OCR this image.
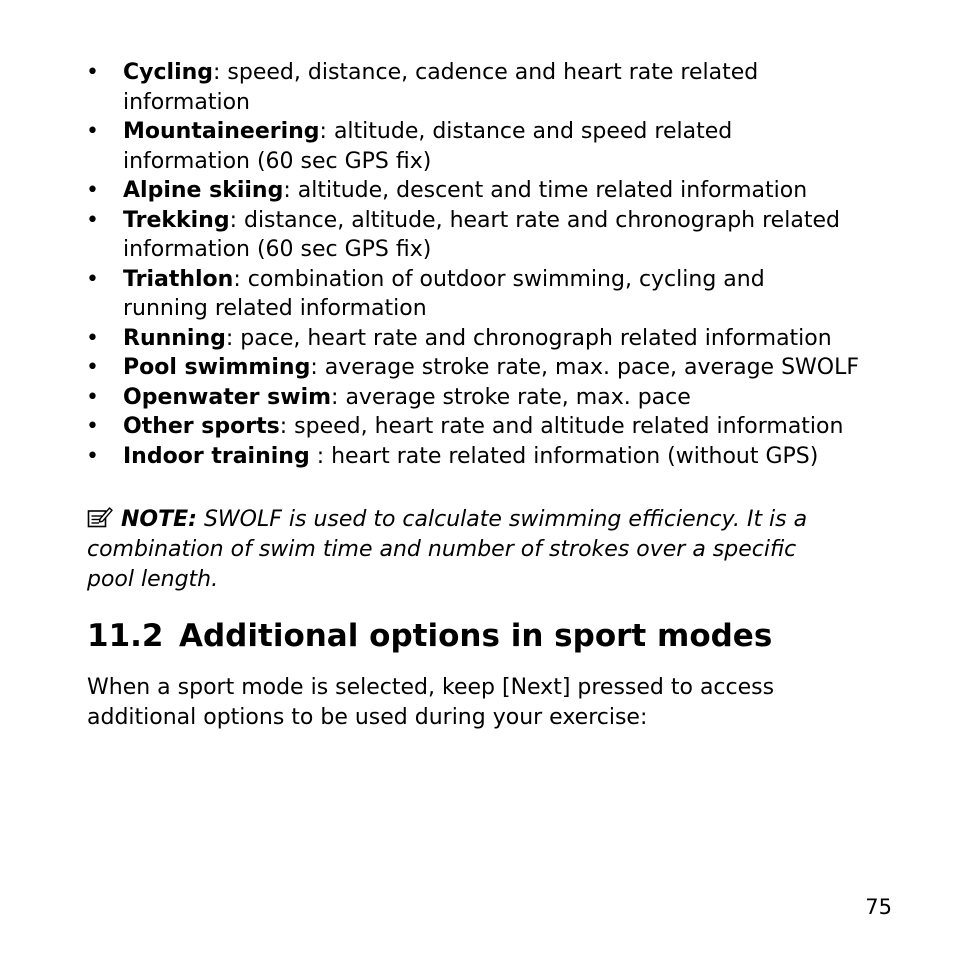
•	Cycling: speed, distance, cadence and heart rate related
information
•	Mountaineering: altitude, distance and speed related
information (60 sec GPS fix)
•	Alpine skiing: altitude, descent and time related information
•	Trekking: distance, altitude, heart rate and chronograph related
information (60 sec GPS fix)
•	Triathlon: combination of outdoor swimming, cycling and
running related information
•	Running: pace, heart rate and chronograph related information
•	Pool swimming: average stroke rate, max. pace, average SWOLF
•	Openwater swim: average stroke rate, max. pace
•	Other sports: speed, heart rate and altitude related information
•	Indoor training : heart rate related information (without GPS)
NOTE: SWOLF is used to calculate swimming efficiency. It is a combination of swim time and number of strokes over a specific pool length.
11.2 Additional options in sport modes

When a sport mode is selected, keep [Next] pressed to access additional options to be used during your exercise:

75
